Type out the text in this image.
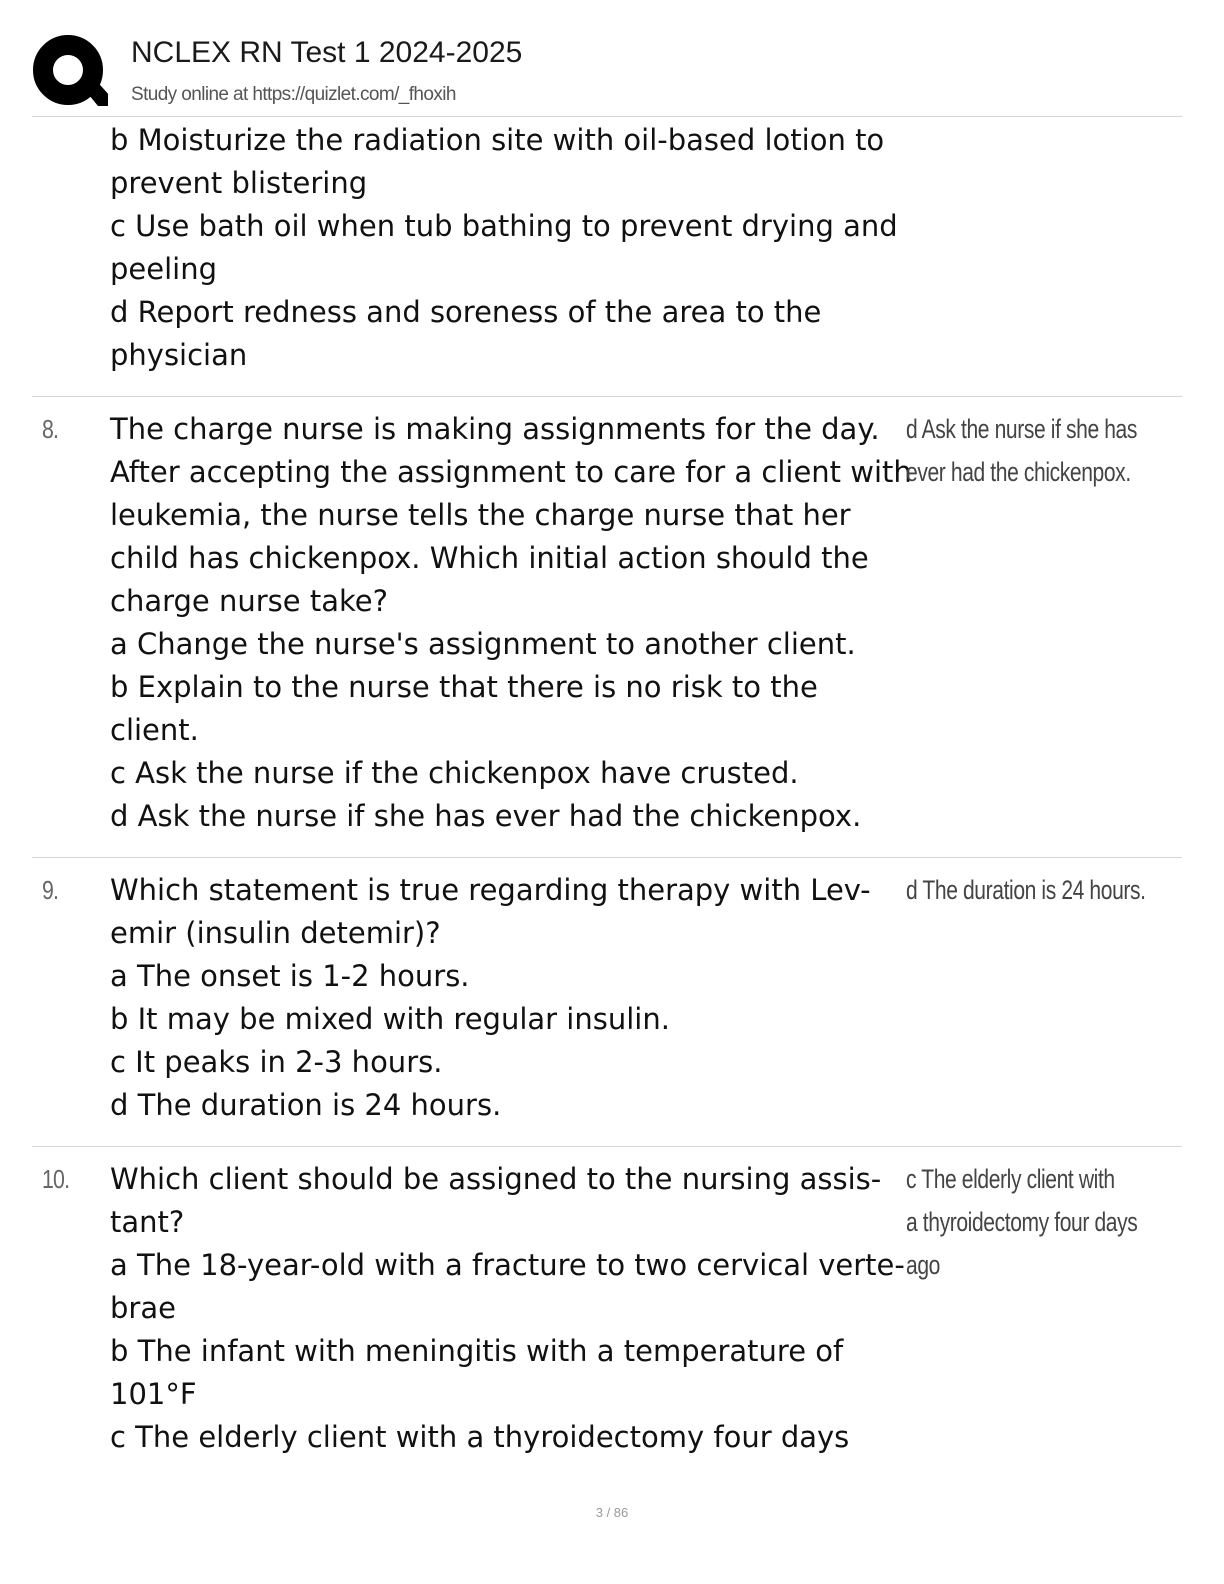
NCLEX RN Test 1 2024-2025
Study online at https://quizlet.com/_fhoxih
b Moisturize the radiation site with oil-based lotion to
prevent blistering
c Use bath oil when tub bathing to prevent drying and
peeling
d Report redness and soreness of the area to the
physician
8. The charge nurse is making assignments for the day.
After accepting the assignment to care for a client with
leukemia, the nurse tells the charge nurse that her
child has chickenpox. Which initial action should the
charge nurse take?
a Change the nurse's assignment to another client.
b Explain to the nurse that there is no risk to the
client.
c Ask the nurse if the chickenpox have crusted.
d Ask the nurse if she has ever had the chickenpox.
d Ask the nurse if she has
ever had the chickenpox.
9. Which statement is true regarding therapy with Lev-
emir (insulin detemir)?
a The onset is 1-2 hours.
b It may be mixed with regular insulin.
c It peaks in 2-3 hours.
d The duration is 24 hours.
d The duration is 24 hours.
10. Which client should be assigned to the nursing assis-
tant?
a The 18-year-old with a fracture to two cervical verte-
brae
b The infant with meningitis with a temperature of
101°F
c The elderly client with a thyroidectomy four days
c The elderly client with
a thyroidectomy four days
ago
3 / 86
